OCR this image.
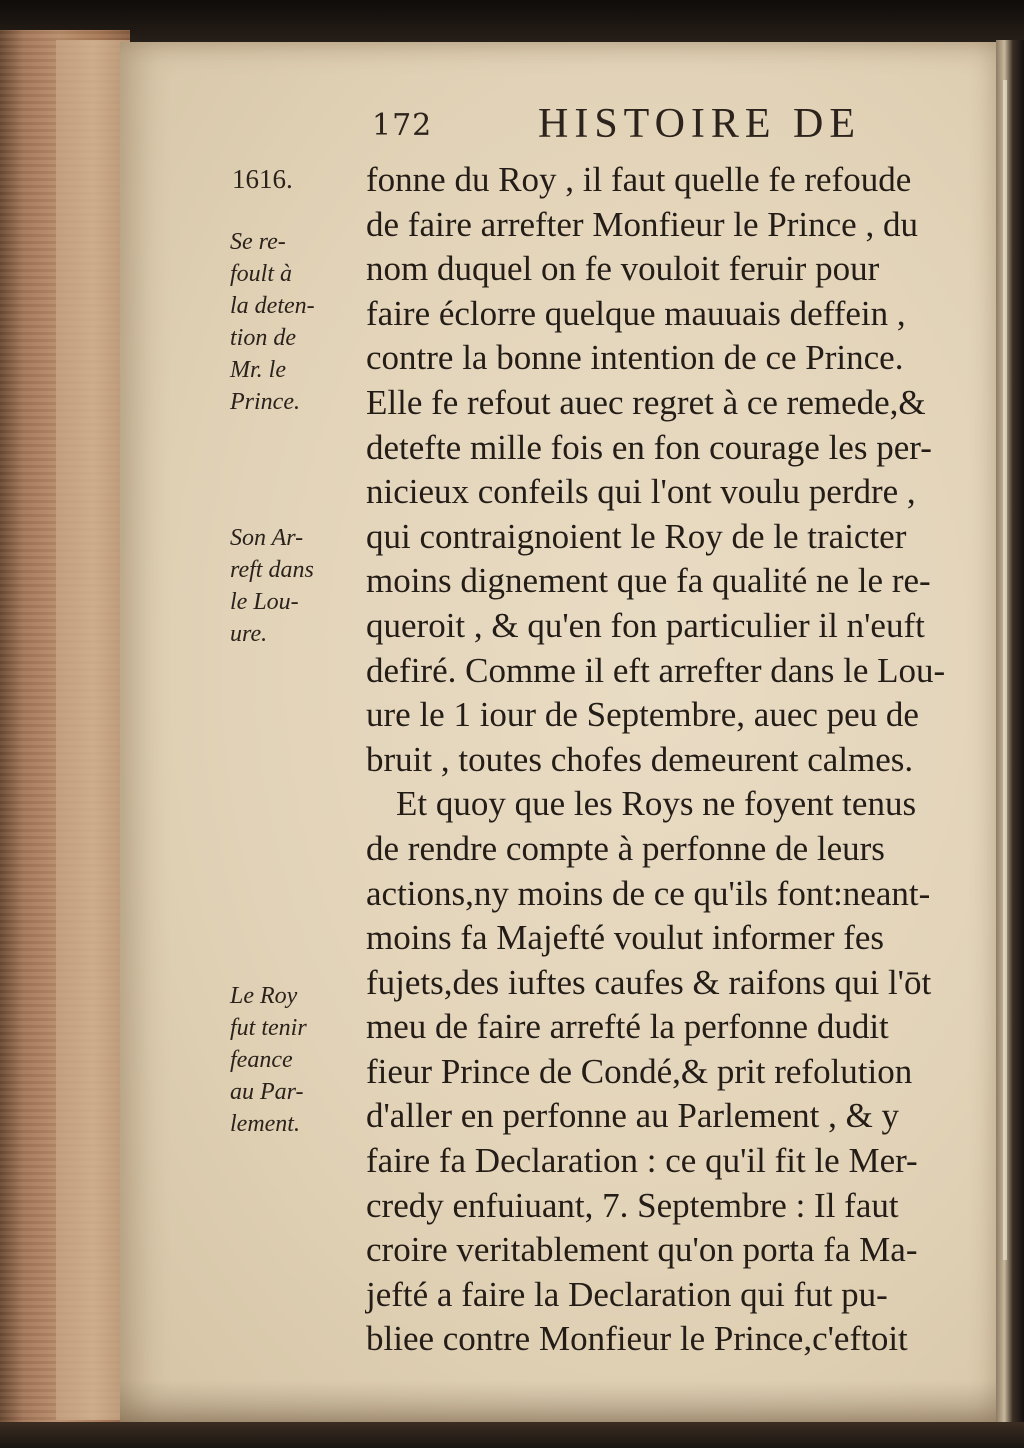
172	HISTOIRE DE
1616.
Se re-
foult à
la deten-
tion de
Mr. le
Prince.
Son Ar-
reft dans
le Lou-
ure.
Le Roy
fut tenir
feance
au Par-
lement.
fonne du Roy , il faut quelle fe refoude
de faire arrefter Monfieur le Prince , du
nom duquel on fe vouloit feruir pour
faire éclorre quelque mauuais deffein ,
contre la bonne intention de ce Prince.
Elle fe refout auec regret à ce remede,&
detefte mille fois en fon courage les per-
nicieux confeils qui l'ont voulu perdre ,
qui contraignoient le Roy de le traicter
moins dignement que fa qualité ne le re-
queroit , & qu'en fon particulier il n'euft
defiré. Comme il eft arrefter dans le Lou-
ure le 1 iour de Septembre, auec peu de
bruit , toutes chofes demeurent calmes.
Et quoy que les Roys ne foyent tenus
de rendre compte à perfonne de leurs
actions,ny moins de ce qu'ils font:neant-
moins fa Majefté voulut informer fes
fujets,des iuftes caufes & raifons qui l'ōt
meu de faire arrefté la perfonne dudit
fieur Prince de Condé,& prit refolution
d'aller en perfonne au Parlement , & y
faire fa Declaration : ce qu'il fit le Mer-
credy enfuiuant, 7. Septembre : Il faut
croire veritablement qu'on porta fa Ma-
jefté a faire la Declaration qui fut pu-
bliee contre Monfieur le Prince,c'eftoit
